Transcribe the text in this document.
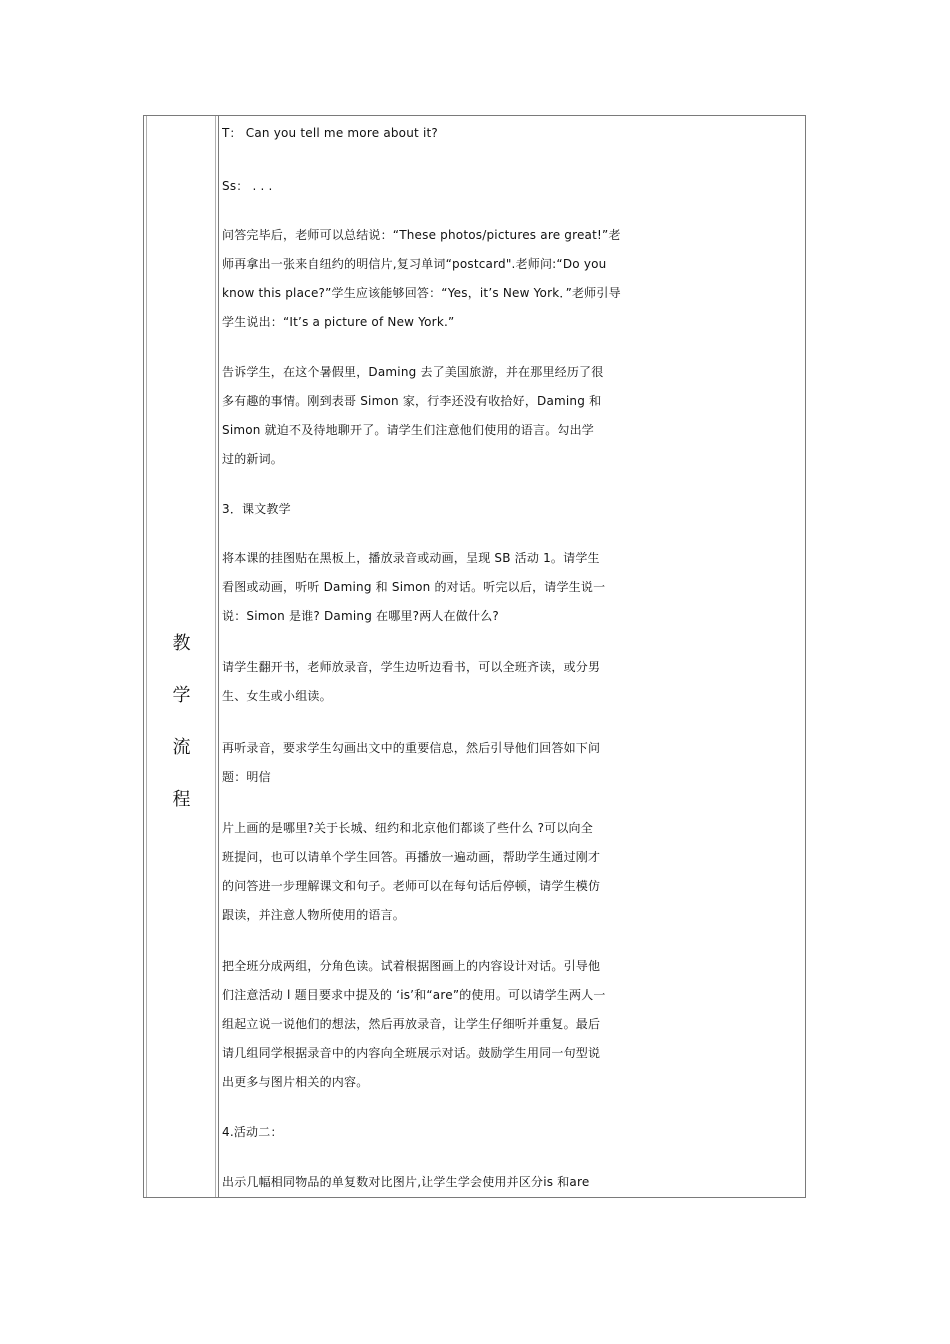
教
学
流
程

T： Can you tell me more about it?

Ss： . . .

问答完毕后，老师可以总结说：“These photos/pictures are great!”老
师再拿出一张来自纽约的明信片,复习单词“postcard".老师问:“Do you
know this place?”学生应该能够回答：“Yes，it’s New York．”老师引导
学生说出：“It’s a picture of New York.”

告诉学生，在这个暑假里，Daming 去了美国旅游，并在那里经历了很
多有趣的事情。刚到表哥 Simon 家，行李还没有收拾好，Daming 和
Simon 就迫不及待地聊开了。请学生们注意他们使用的语言。勾出学
过的新词。

3．课文教学

将本课的挂图贴在黑板上，播放录音或动画，呈现 SB 活动 1。请学生
看图或动画，听听 Daming 和 Simon 的对话。听完以后，请学生说一
说：Simon 是谁? Daming 在哪里?两人在做什么?

请学生翻开书，老师放录音，学生边听边看书，可以全班齐读，或分男
生、女生或小组读。

再听录音，要求学生勾画出文中的重要信息，然后引导他们回答如下问
题：明信

片上画的是哪里?关于长城、纽约和北京他们都谈了些什么 ?可以向全
班提问，也可以请单个学生回答。再播放一遍动画，帮助学生通过刚才
的问答进一步理解课文和句子。老师可以在每句话后停顿，请学生模仿
跟读，并注意人物所使用的语言。

把全班分成两组，分角色读。试着根据图画上的内容设计对话。引导他
们注意活动 l 题目要求中提及的 ‘is’和“are”的使用。可以请学生两人一
组起立说一说他们的想法，然后再放录音，让学生仔细听并重复。最后
请几组同学根据录音中的内容向全班展示对话。鼓励学生用同一句型说
出更多与图片相关的内容。

4.活动二：

出示几幅相同物品的单复数对比图片,让学生学会使用并区分is 和are
